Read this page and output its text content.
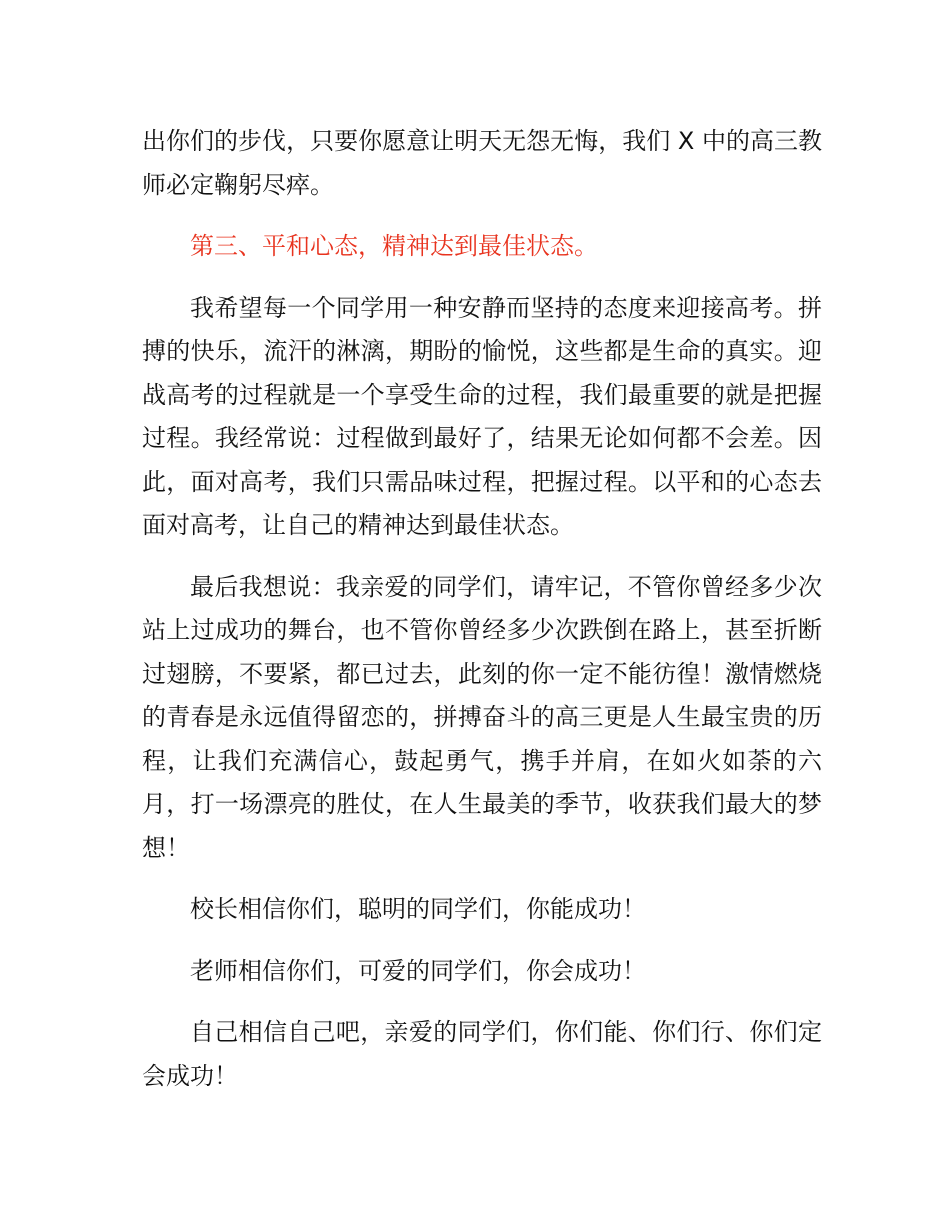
出你们的步伐，只要你愿意让明天无怨无悔，我们 X 中的高三教师必定鞠躬尽瘁。

第三、平和心态，精神达到最佳状态。

我希望每一个同学用一种安静而坚持的态度来迎接高考。拼搏的快乐，流汗的淋漓，期盼的愉悦，这些都是生命的真实。迎战高考的过程就是一个享受生命的过程，我们最重要的就是把握过程。我经常说：过程做到最好了，结果无论如何都不会差。因此，面对高考，我们只需品味过程，把握过程。以平和的心态去面对高考，让自己的精神达到最佳状态。

最后我想说：我亲爱的同学们，请牢记，不管你曾经多少次站上过成功的舞台，也不管你曾经多少次跌倒在路上，甚至折断过翅膀，不要紧，都已过去，此刻的你一定不能彷徨！激情燃烧的青春是永远值得留恋的，拼搏奋斗的高三更是人生最宝贵的历程，让我们充满信心，鼓起勇气，携手并肩，在如火如荼的六月，打一场漂亮的胜仗，在人生最美的季节，收获我们最大的梦想！

校长相信你们，聪明的同学们，你能成功！

老师相信你们，可爱的同学们，你会成功！

自己相信自己吧，亲爱的同学们，你们能、你们行、你们定会成功！
